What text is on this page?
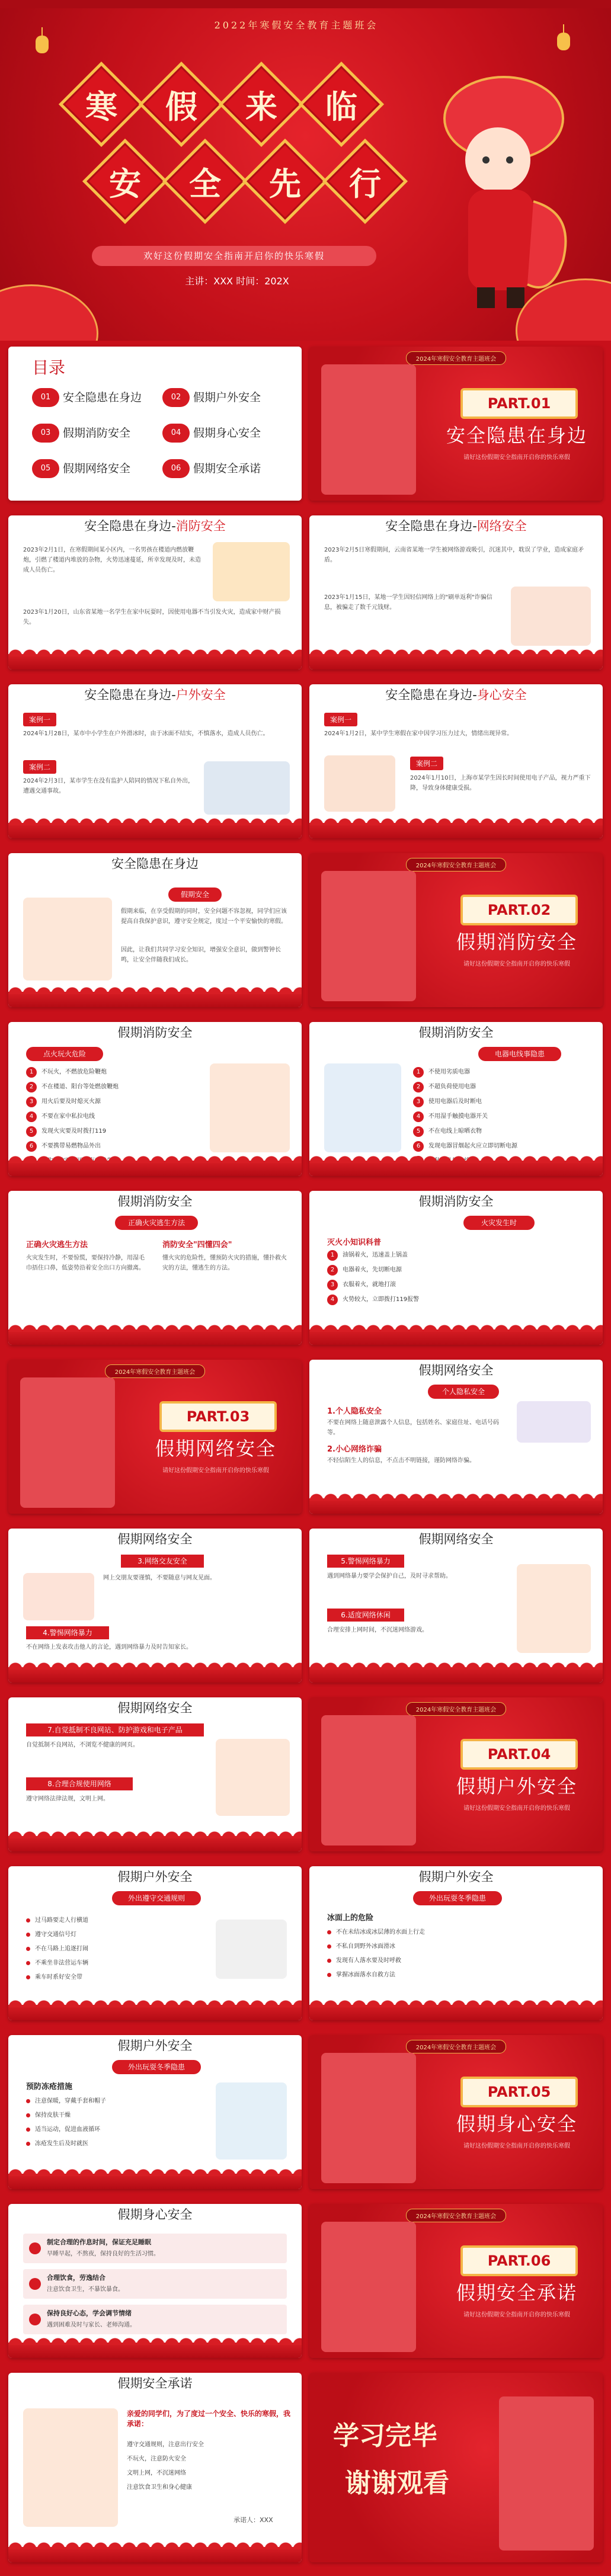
2022年寒假安全教育主题班会
寒	假	来	临
安	全	先	行
欢好这份假期安全指南开启你的快乐寒假
主讲：XXX 时间：202X
目录
01	安全隐患在身边	02	假期户外安全
03	假期消防安全	04	假期身心安全
05	假期网络安全	06	假期安全承诺
2024年寒假安全教育主题班会
PART.01
安全隐患在身边
请好这份假期安全指南开启你的快乐寒假
安全隐患在身边-消防安全
2023年2月1日，在寒假期间某小区内，一名男孩在楼道内燃放鞭炮，引燃了楼道内堆放的杂物，火势迅速蔓延，所幸发现及时，未造成人员伤亡。
2023年1月20日，山东省某地一名学生在家中玩耍时，因使用电器不当引发火灾，造成家中财产损失。
安全隐患在身边-网络安全
2023年2月5日寒假期间，云南省某地一学生被网络游戏吸引，沉迷其中，耽误了学业，造成家庭矛盾。
2023年1月15日，某地一学生因轻信网络上的"刷单返利"诈骗信息，被骗走了数千元钱财。
安全隐患在身边-户外安全
案例一
2024年1月28日，某市中小学生在户外滑冰时，由于冰面不结实，不慎落水，造成人员伤亡。
案例二
2024年2月3日，某市学生在没有监护人陪同的情况下私自外出，遭遇交通事故。
安全隐患在身边-身心安全
案例一
2024年1月2日，某中学生寒假在家中因学习压力过大，情绪出现异常。
案例二
2024年1月10日，上海市某学生因长时间使用电子产品，视力严重下降，导致身体健康受损。
安全隐患在身边
假期安全
假期来临，在享受假期的同时，安全问题不容忽视，同学们应该提高自我保护意识，遵守安全规定，度过一个平安愉快的寒假。
因此，让我们共同学习安全知识，增强安全意识，做到警钟长鸣，让安全伴随我们成长。
2024年寒假安全教育主题班会
PART.02
假期消防安全
请好这份假期安全指南开启你的快乐寒假
假期消防安全
点火玩火危险
1 不玩火，不燃放危险鞭炮
2 不在楼道、阳台等处燃放鞭炮
3 用火后要及时熄灭火源
4 不要在家中私拉电线
5 发现火灾要及时拨打119
6 不要携带易燃物品外出
假期消防安全
电器电线事隐患
1 不使用劣质电器
2 不超负荷使用电器
3 使用电器后及时断电
4 不用湿手触摸电器开关
5 不在电线上晾晒衣物
6 发现电器冒烟起火应立即切断电源
假期消防安全
正确火灾逃生方法
正确火灾逃生方法
火灾发生时，不要惊慌，要保持冷静，用湿毛巾捂住口鼻，低姿势沿着安全出口方向撤离。
消防安全"四懂四会"
懂火灾的危险性，懂预防火灾的措施，懂扑救火灾的方法，懂逃生的方法。
假期消防安全
火灾发生时
灭火小知识科普
1 油锅着火，迅速盖上锅盖
2 电器着火，先切断电源
3 衣服着火，就地打滚
4 火势较大，立即拨打119报警
2024年寒假安全教育主题班会
PART.03
假期网络安全
请好这份假期安全指南开启你的快乐寒假
假期网络安全
个人隐私安全
1.个人隐私安全
不要在网络上随意泄露个人信息，包括姓名、家庭住址、电话号码等。
2.小心网络诈骗
不轻信陌生人的信息，不点击不明链接，谨防网络诈骗。
假期网络安全
3.网络交友安全
网上交朋友要谨慎，不要随意与网友见面。
4.警惕网络暴力
不在网络上发表攻击他人的言论，遇到网络暴力及时告知家长。
假期网络安全
5.警惕网络暴力
遇到网络暴力要学会保护自己，及时寻求帮助。
6.适度网络休闲
合理安排上网时间，不沉迷网络游戏。
假期网络安全
7.自觉抵制不良网站、防护游戏和电子产品
自觉抵制不良网站，不浏览不健康的网页。
8.合理合规使用网络
遵守网络法律法规，文明上网。
2024年寒假安全教育主题班会
PART.04
假期户外安全
请好这份假期安全指南开启你的快乐寒假
假期户外安全
外出遵守交通规则
过马路要走人行横道
遵守交通信号灯
不在马路上追逐打闹
不乘坐非法营运车辆
乘车时系好安全带
假期户外安全
外出玩耍冬季隐患
冰面上的危险
不在未结冰或冰层薄的水面上行走
不私自到野外冰面滑冰
发现有人落水要及时呼救
掌握冰面落水自救方法
假期户外安全
外出玩耍冬季隐患
预防冻疮措施
注意保暖，穿戴手套和帽子
保持皮肤干燥
适当运动，促进血液循环
冻疮发生后及时就医
2024年寒假安全教育主题班会
PART.05
假期身心安全
请好这份假期安全指南开启你的快乐寒假
假期身心安全
制定合理的作息时间，保证充足睡眠
早睡早起，不熬夜，保持良好的生活习惯。
合理饮食，劳逸结合
注意饮食卫生，不暴饮暴食。
保持良好心态，学会调节情绪
遇到困难及时与家长、老师沟通。
2024年寒假安全教育主题班会
PART.06
假期安全承诺
请好这份假期安全指南开启你的快乐寒假
假期安全承诺
亲爱的同学们，为了度过一个安全、快乐的寒假，我承诺：
遵守交通规则，注意出行安全
不玩火，注意防火安全
文明上网，不沉迷网络
注意饮食卫生和身心健康
承诺人：XXX
学习完毕
谢谢观看
